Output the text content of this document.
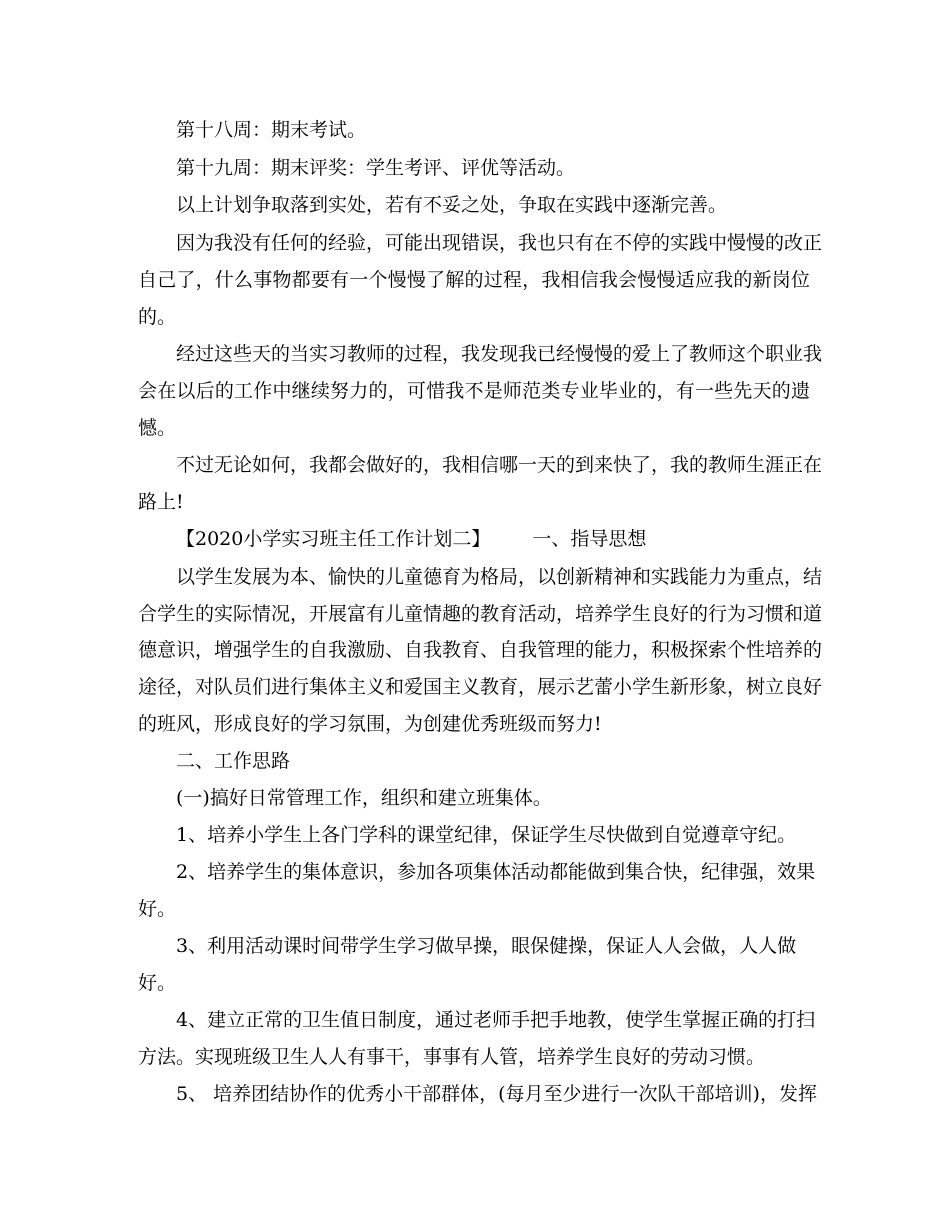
第十八周：期末考试。
第十九周：期末评奖：学生考评、评优等活动。
以上计划争取落到实处，若有不妥之处，争取在实践中逐渐完善。
因为我没有任何的经验，可能出现错误，我也只有在不停的实践中慢慢的改正
自己了，什么事物都要有一个慢慢了解的过程，我相信我会慢慢适应我的新岗位
的。
经过这些天的当实习教师的过程，我发现我已经慢慢的爱上了教师这个职业我
会在以后的工作中继续努力的，可惜我不是师范类专业毕业的，有一些先天的遗
憾。
不过无论如何，我都会做好的，我相信哪一天的到来快了，我的教师生涯正在
路上!
【2020小学实习班主任工作计划二】 一、指导思想
以学生发展为本、愉快的儿童德育为格局，以创新精神和实践能力为重点，结
合学生的实际情况，开展富有儿童情趣的教育活动，培养学生良好的行为习惯和道
德意识，增强学生的自我激励、自我教育、自我管理的能力，积极探索个性培养的
途径，对队员们进行集体主义和爱国主义教育，展示艺蕾小学生新形象，树立良好
的班风，形成良好的学习氛围，为创建优秀班级而努力!
二、工作思路
(一)搞好日常管理工作，组织和建立班集体。
1、培养小学生上各门学科的课堂纪律，保证学生尽快做到自觉遵章守纪。
2、培养学生的集体意识，参加各项集体活动都能做到集合快，纪律强，效果
好。
3、利用活动课时间带学生学习做早操，眼保健操，保证人人会做，人人做
好。
4、建立正常的卫生值日制度，通过老师手把手地教，使学生掌握正确的打扫
方法。实现班级卫生人人有事干，事事有人管，培养学生良好的劳动习惯。
5、 培养团结协作的优秀小干部群体，(每月至少进行一次队干部培训)，发挥
